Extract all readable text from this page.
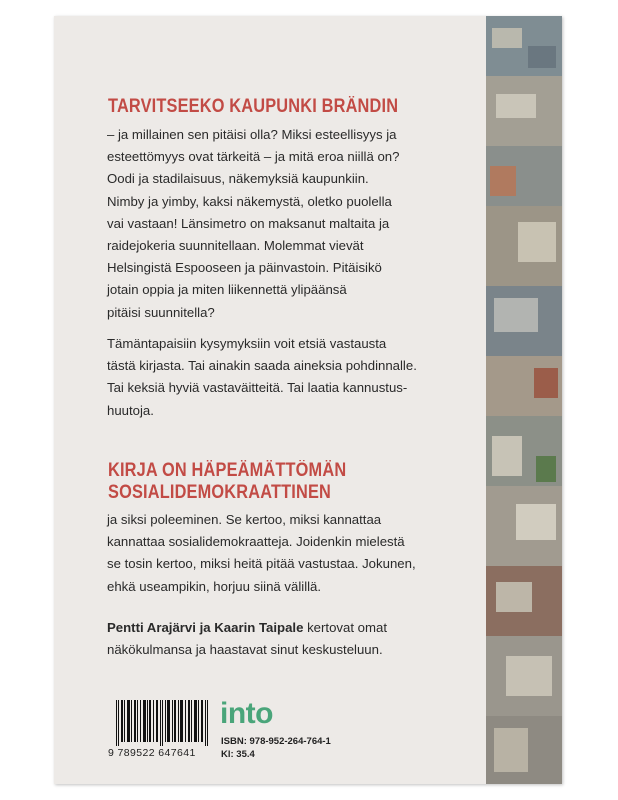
TARVITSEEKO KAUPUNKI BRÄNDIN
– ja millainen sen pitäisi olla? Miksi esteellisyys ja
esteettömyys ovat tärkeitä – ja mitä eroa niillä on?
Oodi ja stadilaisuus, näkemyksiä kaupunkiin.
Nimby ja yimby, kaksi näkemystä, oletko puolella
vai vastaan! Länsimetro on maksanut maltaita ja
raidejokeria suunnitellaan. Molemmat vievät
Helsingistä Espooseen ja päinvastoin. Pitäisikö
jotain oppia ja miten liikennettä ylipäänsä
pitäisi suunnitella?
Tämäntapaisiin kysymyksiin voit etsiä vastausta
tästä kirjasta. Tai ainakin saada aineksia pohdinnalle.
Tai keksiä hyviä vastaväitteitä. Tai laatia kannustus-
huutoja.
KIRJA ON HÄPEÄMÄTTÖMÄN
SOSIALIDEMOKRAATTINEN
ja siksi poleeminen. Se kertoo, miksi kannattaa
kannattaa sosialidemokraatteja. Joidenkin mielestä
se tosin kertoo, miksi heitä pitää vastustaa. Jokunen,
ehkä useampikin, horjuu siinä välillä.
Pentti Arajärvi ja Kaarin Taipale kertovat omat
näkökulmansa ja haastavat sinut keskusteluun.
9 789522 647641
into
ISBN: 978-952-264-764-1
Kl: 35.4
